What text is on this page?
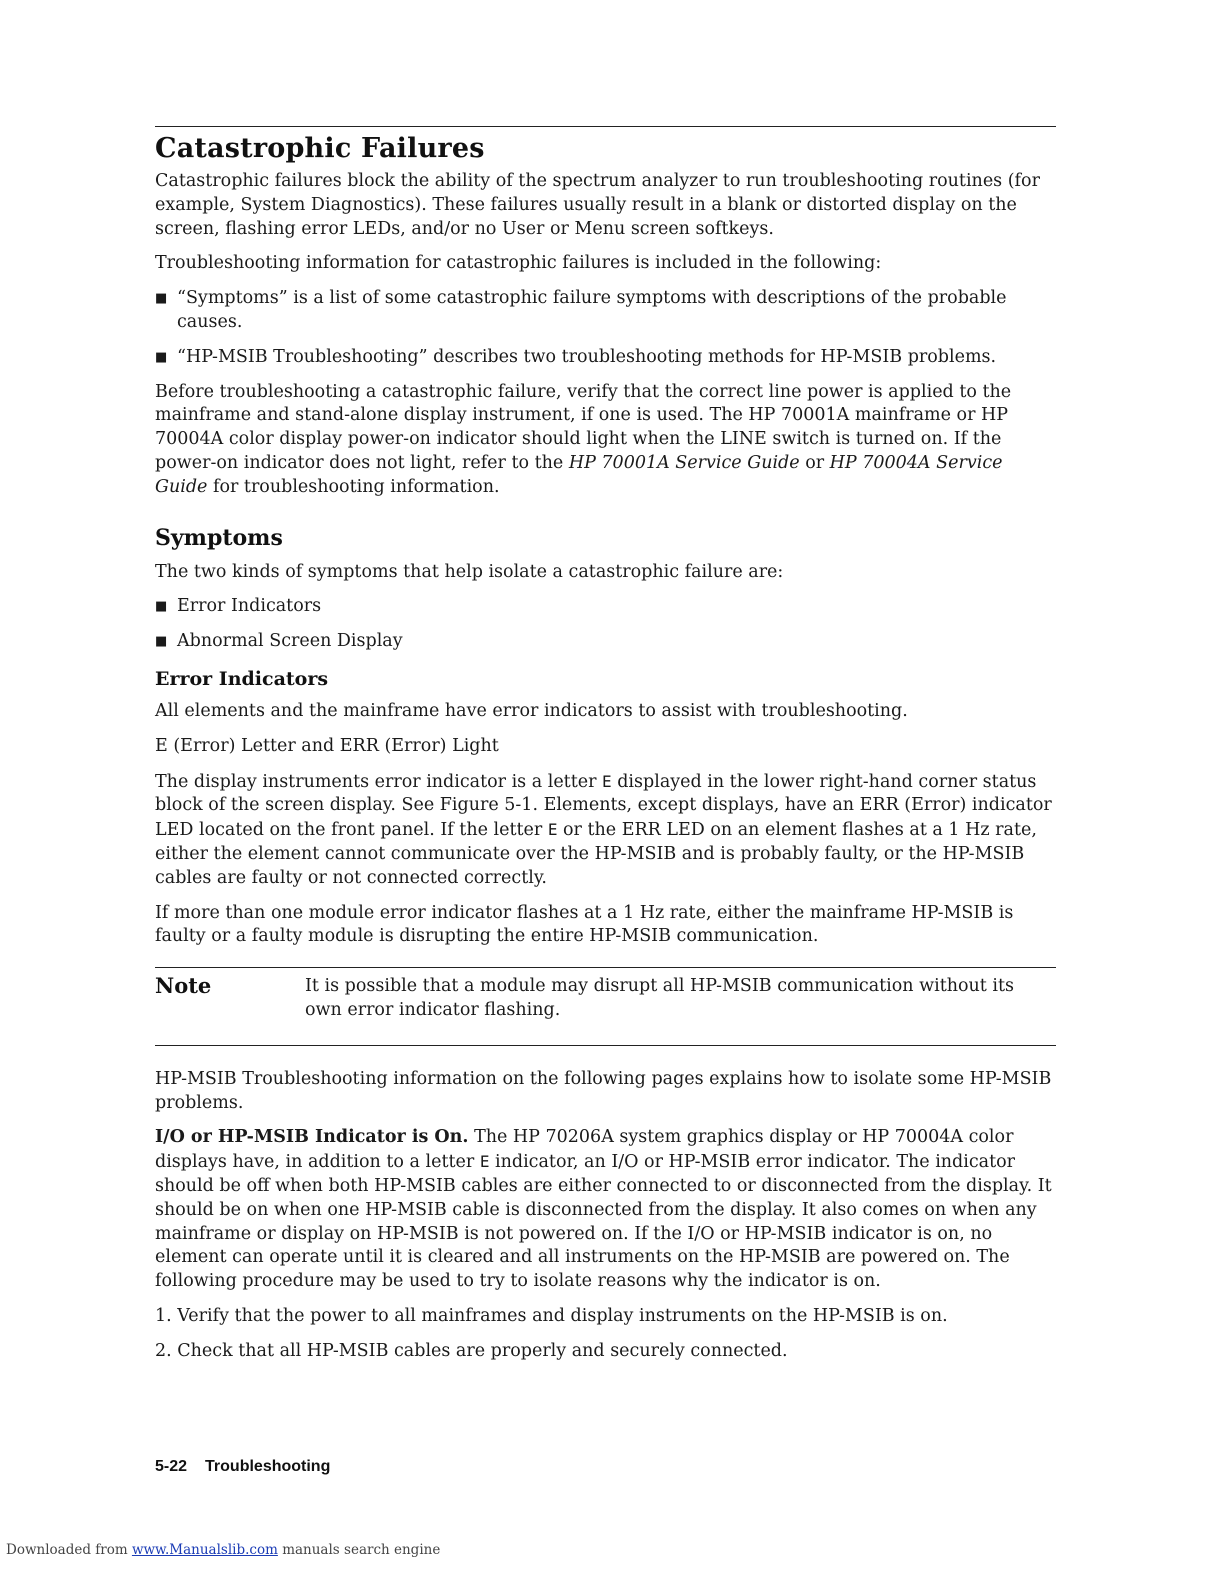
Catastrophic Failures

Catastrophic failures block the ability of the spectrum analyzer to run troubleshooting routines (for example, System Diagnostics). These failures usually result in a blank or distorted display on the screen, flashing error LEDs, and/or no User or Menu screen softkeys.

Troubleshooting information for catastrophic failures is included in the following:

■ “Symptoms” is a list of some catastrophic failure symptoms with descriptions of the probable causes.
■ “HP-MSIB Troubleshooting” describes two troubleshooting methods for HP-MSIB problems.

Before troubleshooting a catastrophic failure, verify that the correct line power is applied to the mainframe and stand-alone display instrument, if one is used. The HP 70001A mainframe or HP 70004A color display power-on indicator should light when the LINE switch is turned on. If the power-on indicator does not light, refer to the HP 70001A Service Guide or HP 70004A Service Guide for troubleshooting information.

Symptoms

The two kinds of symptoms that help isolate a catastrophic failure are:

■ Error Indicators
■ Abnormal Screen Display
Error Indicators

All elements and the mainframe have error indicators to assist with troubleshooting.

E (Error) Letter and ERR (Error) Light

The display instruments error indicator is a letter E displayed in the lower right-hand corner status block of the screen display. See Figure 5-1. Elements, except displays, have an ERR (Error) indicator LED located on the front panel. If the letter E or the ERR LED on an element flashes at a 1 Hz rate, either the element cannot communicate over the HP-MSIB and is probably faulty, or the HP-MSIB cables are faulty or not connected correctly.

If more than one module error indicator flashes at a 1 Hz rate, either the mainframe HP-MSIB is faulty or a faulty module is disrupting the entire HP-MSIB communication.

Note	It is possible that a module may disrupt all HP-MSIB communication without its own error indicator flashing.

HP-MSIB Troubleshooting information on the following pages explains how to isolate some HP-MSIB problems.

I/O or HP-MSIB Indicator is On. The HP 70206A system graphics display or HP 70004A color displays have, in addition to a letter E indicator, an I/O or HP-MSIB error indicator. The indicator should be off when both HP-MSIB cables are either connected to or disconnected from the display. It should be on when one HP-MSIB cable is disconnected from the display. It also comes on when any mainframe or display on HP-MSIB is not powered on. If the I/O or HP-MSIB indicator is on, no element can operate until it is cleared and all instruments on the HP-MSIB are powered on. The following procedure may be used to try to isolate reasons why the indicator is on.

1. Verify that the power to all mainframes and display instruments on the HP-MSIB is on.
2. Check that all HP-MSIB cables are properly and securely connected.
5-22 Troubleshooting
Downloaded from www.Manualslib.com manuals search engine
